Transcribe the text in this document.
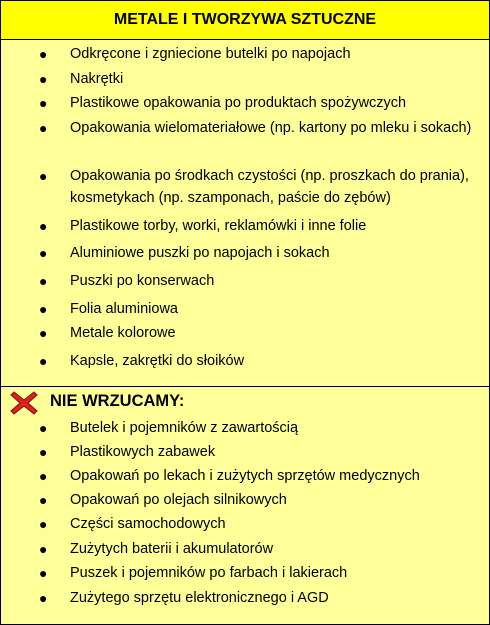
METALE I TWORZYWA SZTUCZNE
● Odkręcone i zgniecione butelki po napojach
● Nakrętki
● Plastikowe opakowania po produktach spożywczych
● Opakowania wielomateriałowe (np. kartony po mleku i sokach)
● Opakowania po środkach czystości (np. proszkach do prania), kosmetykach (np. szamponach, paście do zębów)
● Plastikowe torby, worki, reklamówki i inne folie
● Aluminiowe puszki po napojach i sokach
● Puszki po konserwach
● Folia aluminiowa
● Metale kolorowe
● Kapsle, zakrętki do słoików
NIE WRZUCAMY:
● Butelek i pojemników z zawartością
● Plastikowych zabawek
● Opakowań po lekach i zużytych sprzętów medycznych
● Opakowań po olejach silnikowych
● Części samochodowych
● Zużytych baterii i akumulatorów
● Puszek i pojemników po farbach i lakierach
● Zużytego sprzętu elektronicznego i AGD
